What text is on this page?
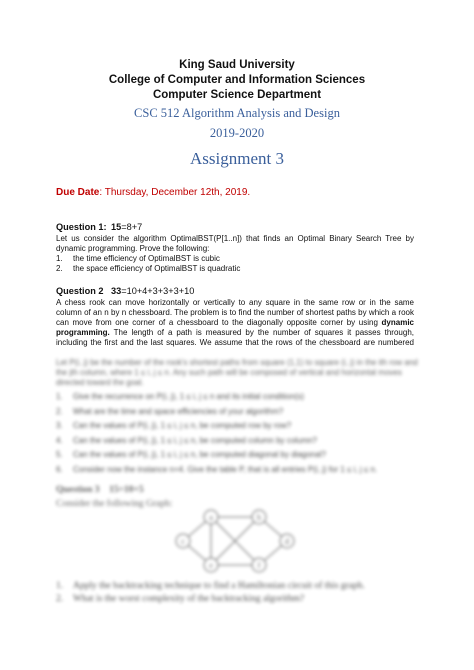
King Saud University
College of Computer and Information Sciences
Computer Science Department
CSC 512 Algorithm Analysis and Design
2019-2020
Assignment 3
Due Date: Thursday, December 12th, 2019.
Question 1: 15=8+7

Let us consider the algorithm OptimalBST(P[1..n]) that finds an Optimal Binary Search Tree by dynamic programming. Prove the following:

1. the time efficiency of OptimalBST is cubic
2. the space efficiency of OptimalBST is quadratic
Question 2 33=10+4+3+3+3+10

A chess rook can move horizontally or vertically to any square in the same row or in the same column of an n by n chessboard. The problem is to find the number of shortest paths by which a rook can move from one corner of a chessboard to the diagonally opposite corner by using dynamic programming. The length of a path is measured by the number of squares it passes through, including the first and the last squares. We assume that the rows of the chessboard are numbered

Let P(i, j) be the number of the rook's shortest paths from square (1,1) to square (i, j) in the ith row and the jth column, where 1 ≤ i, j ≤ n. Any such path will be composed of vertical and horizontal moves directed toward the goal.
1. Give the recurrence on P(i, j), 1 ≤ i, j ≤ n and its initial condition(s)
2. What are the time and space efficiencies of your algorithm?
3. Can the values of P(i, j), 1 ≤ i, j ≤ n, be computed row by row?
4. Can the values of P(i, j), 1 ≤ i, j ≤ n, be computed column by column?
5. Can the values of P(i, j), 1 ≤ i, j ≤ n, be computed diagonal by diagonal?
6. Consider now the instance n=4. Give the table P, that is all entries P(i, j) for 1 ≤ i, j ≤ n.
Question 3 15=10+5
Consider the following Graph:
a	b
c	d
e	f
1. Apply the backtracking technique to find a Hamiltonian circuit of this graph.
2. What is the worst complexity of the backtracking algorithm?
